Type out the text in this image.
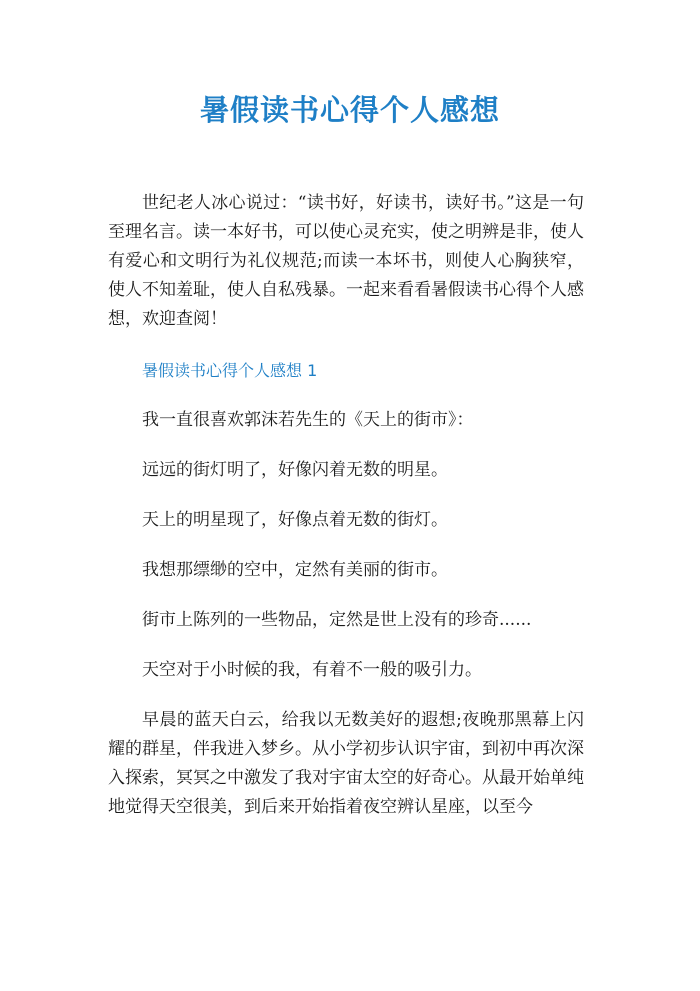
暑假读书心得个人感想

世纪老人冰心说过：“读书好，好读书，读好书。”这是一句至理名言。读一本好书，可以使心灵充实，使之明辨是非，使人有爱心和文明行为礼仪规范;而读一本坏书，则使人心胸狭窄，使人不知羞耻，使人自私残暴。一起来看看暑假读书心得个人感想，欢迎查阅！

暑假读书心得个人感想 1

我一直很喜欢郭沫若先生的《天上的街市》：

远远的街灯明了，好像闪着无数的明星。

天上的明星现了，好像点着无数的街灯。

我想那缥缈的空中，定然有美丽的街市。

街市上陈列的一些物品，定然是世上没有的珍奇......

天空对于小时候的我，有着不一般的吸引力。

早晨的蓝天白云，给我以无数美好的遐想;夜晚那黑幕上闪耀的群星，伴我进入梦乡。从小学初步认识宇宙，到初中再次深入探索，冥冥之中激发了我对宇宙太空的好奇心。从最开始单纯地觉得天空很美，到后来开始指着夜空辨认星座，以至今
